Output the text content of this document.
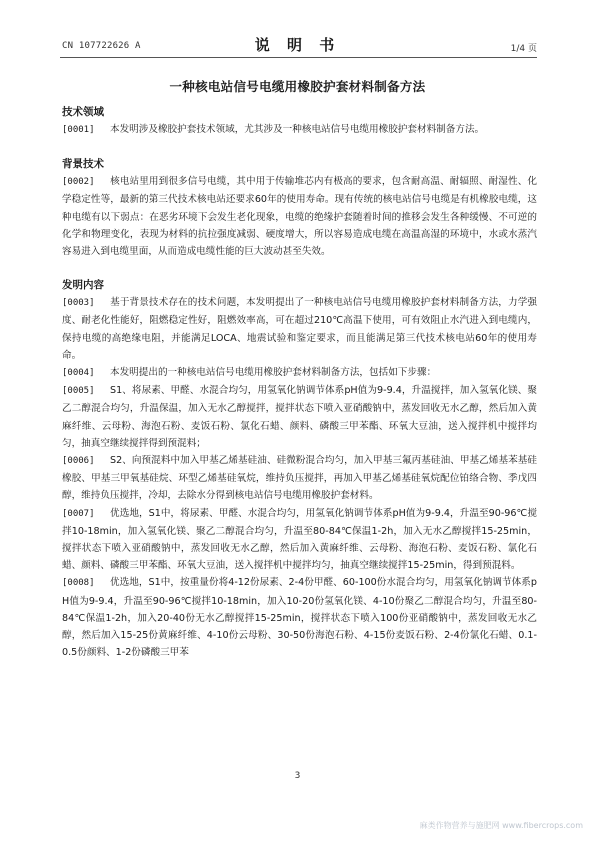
CN 107722626 A	说 明 书	1/4 页
一种核电站信号电缆用橡胶护套材料制备方法
技术领域
[0001] 本发明涉及橡胶护套技术领域，尤其涉及一种核电站信号电缆用橡胶护套材料制备方法。
背景技术
[0002] 核电站里用到很多信号电缆，其中用于传输堆芯内有极高的要求，包含耐高温、耐辐照、耐湿性、化学稳定性等，最新的第三代技术核电站还要求60年的使用寿命。现有传统的核电站信号电缆是有机橡胶电缆，这种电缆有以下弱点：在恶劣环境下会发生老化现象，电缆的绝缘护套随着时间的推移会发生各种缓慢、不可逆的化学和物理变化，表现为材料的抗拉强度减弱、硬度增大，所以容易造成电缆在高温高湿的环境中，水或水蒸汽容易进入到电缆里面，从而造成电缆性能的巨大波动甚至失效。
发明内容
[0003] 基于背景技术存在的技术问题，本发明提出了一种核电站信号电缆用橡胶护套材料制备方法，力学强度、耐老化性能好，阻燃稳定性好，阻燃效率高，可在超过210℃高温下使用，可有效阻止水汽进入到电缆内，保持电缆的高绝缘电阻，并能满足LOCA、地震试验和鉴定要求，而且能满足第三代技术核电站60年的使用寿命。
[0004] 本发明提出的一种核电站信号电缆用橡胶护套材料制备方法，包括如下步骤：
[0005] S1、将尿素、甲醛、水混合均匀，用氢氧化钠调节体系pH值为9-9.4，升温搅拌，加入氢氧化镁、聚乙二醇混合均匀，升温保温，加入无水乙醇搅拌，搅拌状态下喷入亚硝酸钠中，蒸发回收无水乙醇，然后加入黄麻纤维、云母粉、海泡石粉、麦饭石粉、氯化石蜡、颜料、磷酸三甲苯酯、环氧大豆油，送入搅拌机中搅拌均匀，抽真空继续搅拌得到预混料；
[0006] S2、向预混料中加入甲基乙烯基硅油、硅微粉混合均匀，加入甲基三氟丙基硅油、甲基乙烯基苯基硅橡胶、甲基三甲氧基硅烷、环型乙烯基硅氧烷，维持负压搅拌，再加入甲基乙烯基硅氧烷配位铂络合物、季戊四醇，维持负压搅拌，冷却，去除水分得到核电站信号电缆用橡胶护套材料。
[0007] 优选地，S1中，将尿素、甲醛、水混合均匀，用氢氧化钠调节体系pH值为9-9.4，升温至90-96℃搅拌10-18min，加入氢氧化镁、聚乙二醇混合均匀，升温至80-84℃保温1-2h，加入无水乙醇搅拌15-25min，搅拌状态下喷入亚硝酸钠中，蒸发回收无水乙醇，然后加入黄麻纤维、云母粉、海泡石粉、麦饭石粉、氯化石蜡、颜料、磷酸三甲苯酯、环氧大豆油，送入搅拌机中搅拌均匀，抽真空继续搅拌15-25min，得到预混料。
[0008] 优选地，S1中，按重量份将4-12份尿素、2-4份甲醛、60-100份水混合均匀，用氢氧化钠调节体系pH值为9-9.4，升温至90-96℃搅拌10-18min，加入10-20份氢氧化镁、4-10份聚乙二醇混合均匀，升温至80-84℃保温1-2h，加入20-40份无水乙醇搅拌15-25min，搅拌状态下喷入100份亚硝酸钠中，蒸发回收无水乙醇，然后加入15-25份黄麻纤维、4-10份云母粉、30-50份海泡石粉、4-15份麦饭石粉、2-4份氯化石蜡、0.1-0.5份颜料、1-2份磷酸三甲苯
3
麻类作物营养与施肥网 www.fibercrops.com
